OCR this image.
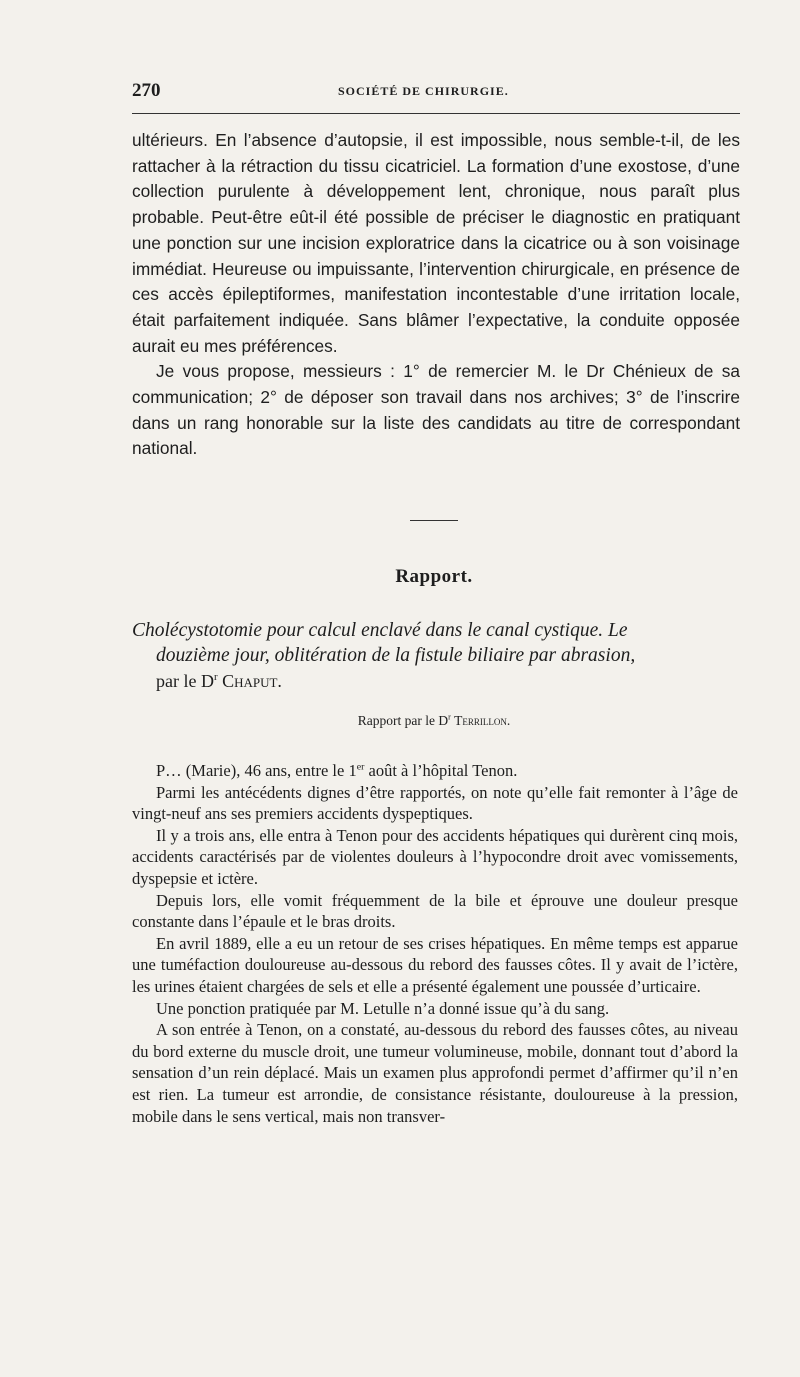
270	SOCIÉTÉ DE CHIRURGIE.

ultérieurs. En l’absence d’autopsie, il est impossible, nous semble-t-il, de les rattacher à la rétraction du tissu cicatriciel. La formation d’une exostose, d’une collection purulente à développement lent, chronique, nous paraît plus probable. Peut-être eût-il été possible de préciser le diagnostic en pratiquant une ponction sur une incision exploratrice dans la cicatrice ou à son voisinage immédiat. Heureuse ou impuissante, l’intervention chirurgicale, en présence de ces accès épileptiformes, manifestation incontestable d’une irritation locale, était parfaitement indiquée. Sans blâmer l’expectative, la conduite opposée aurait eu mes préférences.

Je vous propose, messieurs : 1° de remercier M. le Dr Chénieux de sa communication; 2° de déposer son travail dans nos archives; 3° de l’inscrire dans un rang honorable sur la liste des candidats au titre de correspondant national.

Rapport.
Cholécystotomie pour calcul enclavé dans le canal cystique. Le
douzième jour, oblitération de la fistule biliaire par abrasion,
par le $D^r$ Chaput.
Rapport par le $D^r$ Terrillon.

P… (Marie), 46 ans, entre le 1er août à l’hôpital Tenon.

Parmi les antécédents dignes d’être rapportés, on note qu’elle fait remonter à l’âge de vingt-neuf ans ses premiers accidents dyspeptiques.

Il y a trois ans, elle entra à Tenon pour des accidents hépatiques qui durèrent cinq mois, accidents caractérisés par de violentes douleurs à l’hypocondre droit avec vomissements, dyspepsie et ictère.

Depuis lors, elle vomit fréquemment de la bile et éprouve une douleur presque constante dans l’épaule et le bras droits.

En avril 1889, elle a eu un retour de ses crises hépatiques. En même temps est apparue une tuméfaction douloureuse au-dessous du rebord des fausses côtes. Il y avait de l’ictère, les urines étaient chargées de sels et elle a présenté également une poussée d’urticaire.

Une ponction pratiquée par M. Letulle n’a donné issue qu’à du sang.

A son entrée à Tenon, on a constaté, au-dessous du rebord des fausses côtes, au niveau du bord externe du muscle droit, une tumeur volumineuse, mobile, donnant tout d’abord la sensation d’un rein déplacé. Mais un examen plus approfondi permet d’affirmer qu’il n’en est rien. La tumeur est arrondie, de consistance résistante, douloureuse à la pression, mobile dans le sens vertical, mais non transver-
